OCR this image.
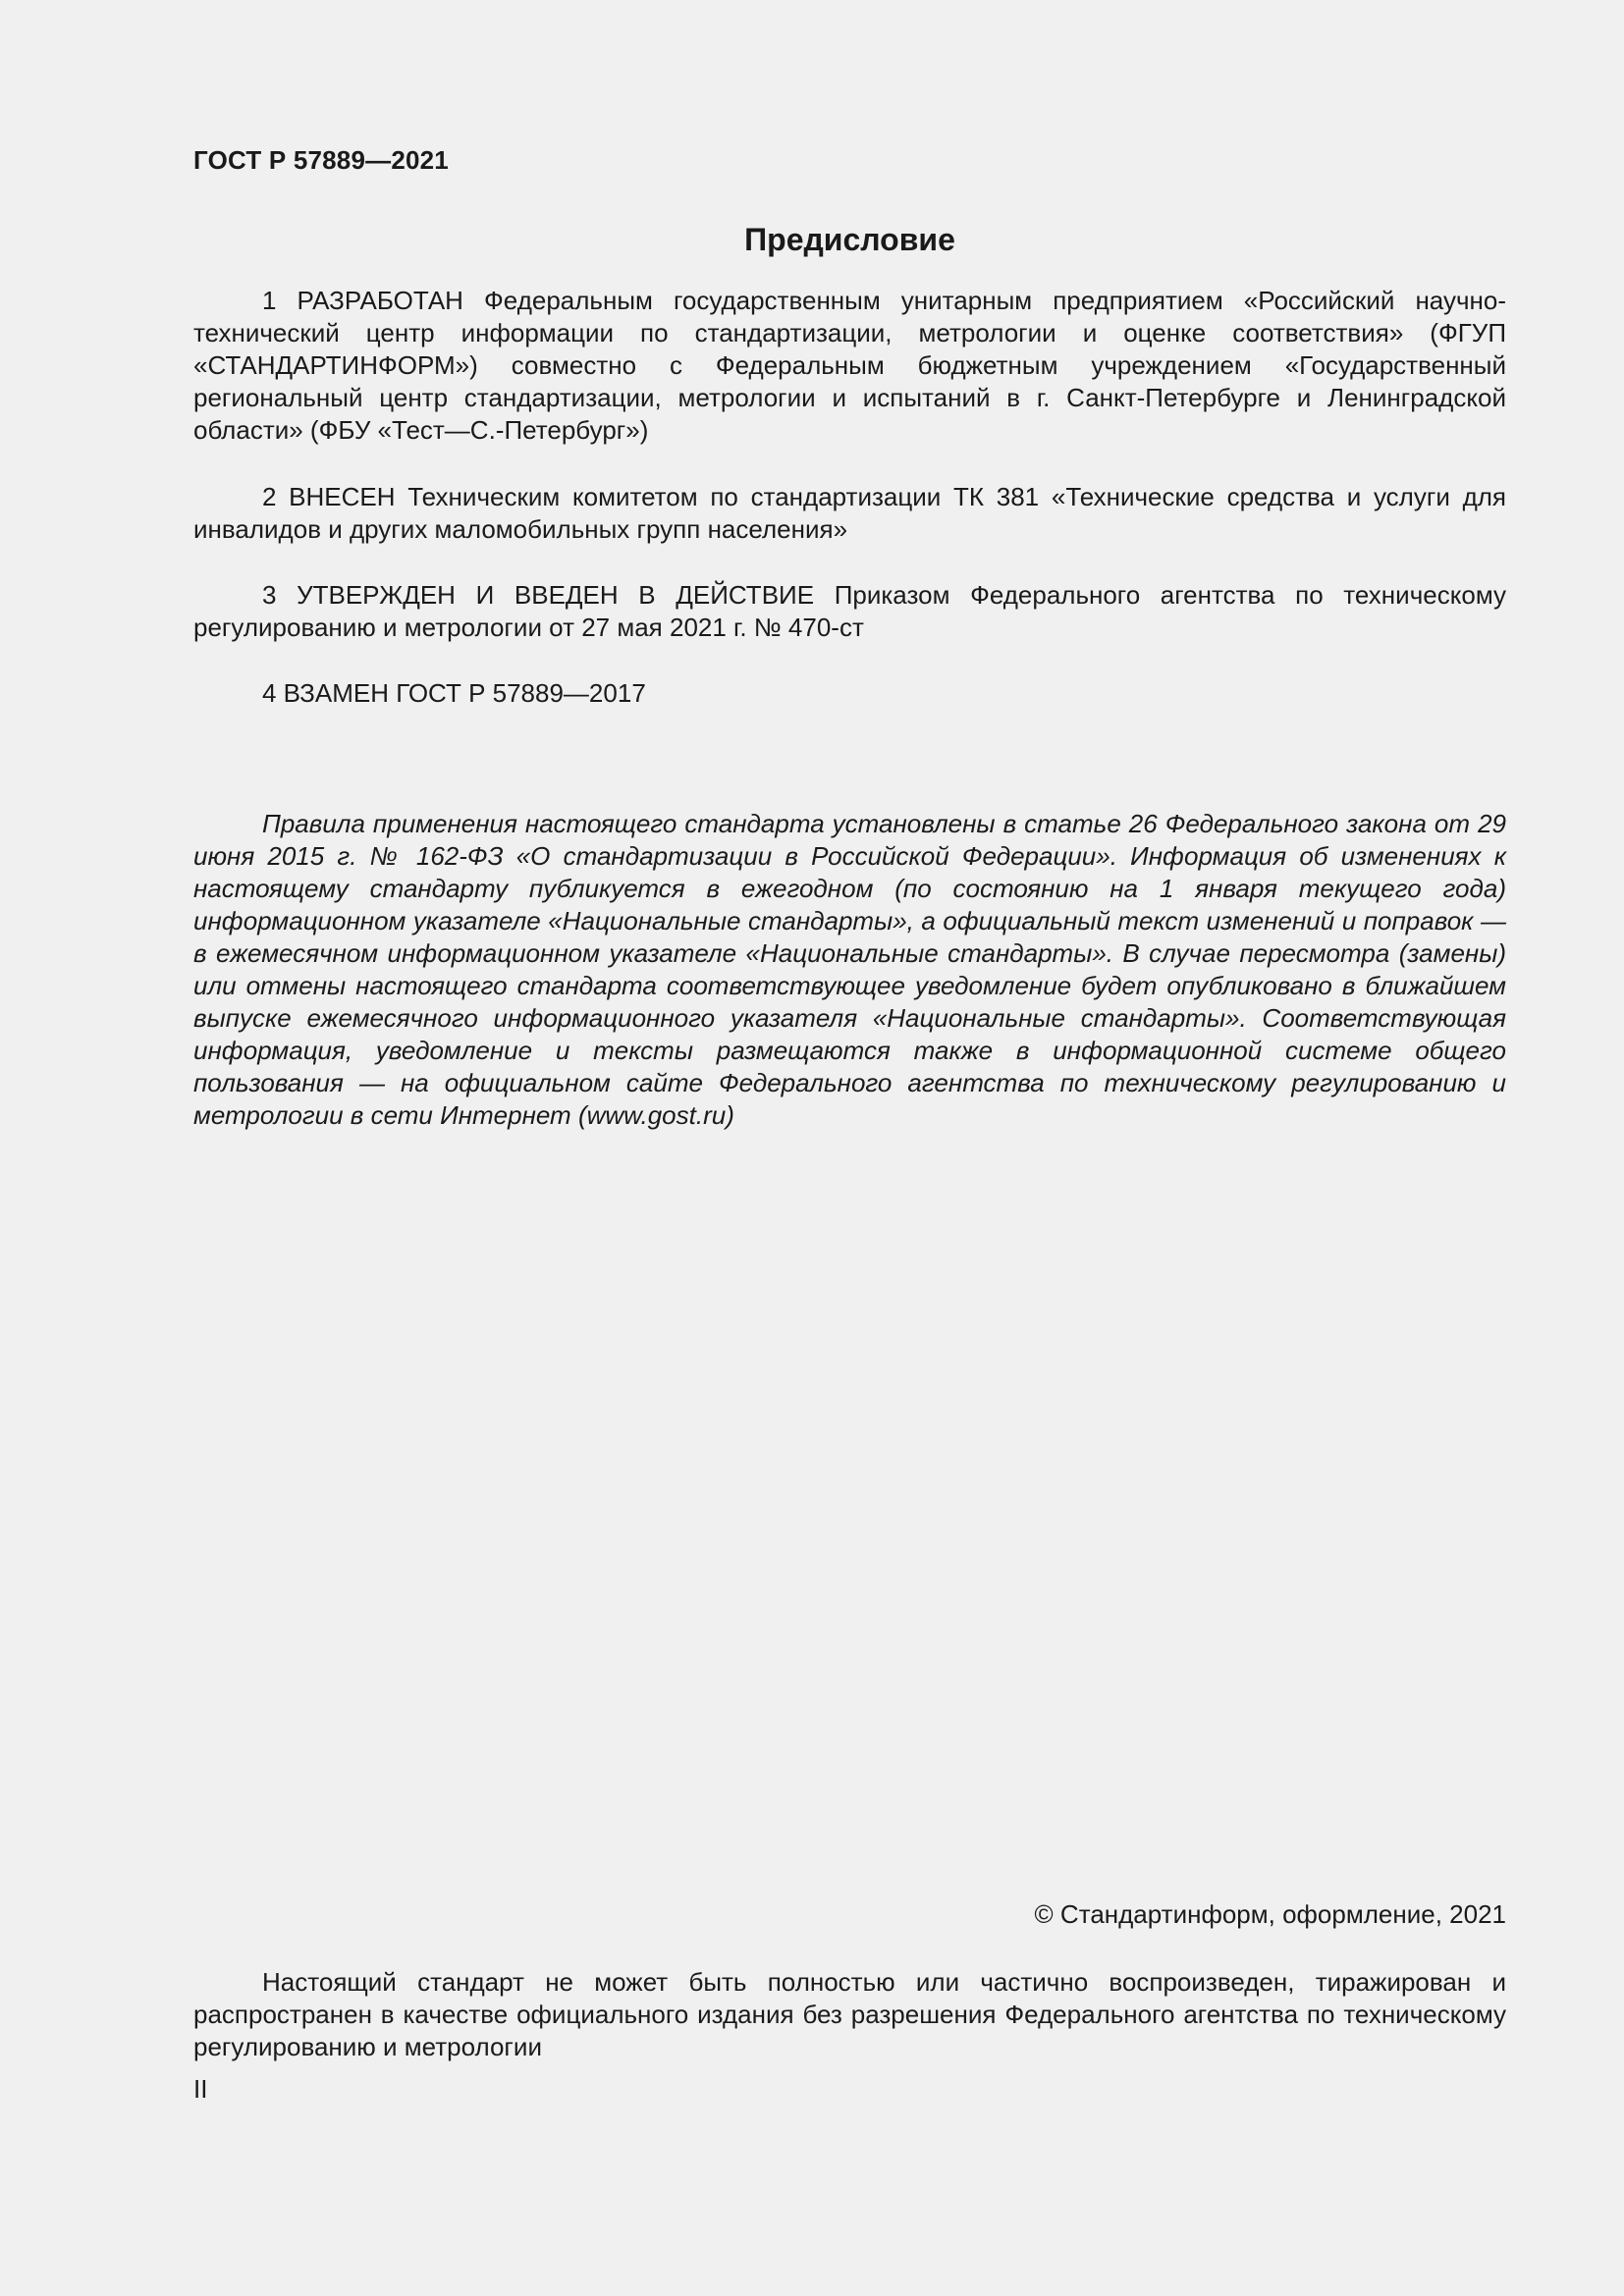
ГОСТ Р 57889—2021
Предисловие

1 РАЗРАБОТАН Федеральным государственным унитарным предприятием «Российский научно-технический центр информации по стандартизации, метрологии и оценке соответствия» (ФГУП «СТАНДАРТИНФОРМ») совместно с Федеральным бюджетным учреждением «Государственный региональный центр стандартизации, метрологии и испытаний в г. Санкт-Петербурге и Ленинградской области» (ФБУ «Тест—С.-Петербург»)

2 ВНЕСЕН Техническим комитетом по стандартизации ТК 381 «Технические средства и услуги для инвалидов и других маломобильных групп населения»

3 УТВЕРЖДЕН И ВВЕДЕН В ДЕЙСТВИЕ Приказом Федерального агентства по техническому регулированию и метрологии от 27 мая 2021 г. № 470-ст

4 ВЗАМЕН ГОСТ Р 57889—2017

Правила применения настоящего стандарта установлены в статье 26 Федерального закона от 29 июня 2015 г. № 162-ФЗ «О стандартизации в Российской Федерации». Информация об изменениях к настоящему стандарту публикуется в ежегодном (по состоянию на 1 января текущего года) информационном указателе «Национальные стандарты», а официальный текст изменений и поправок — в ежемесячном информационном указателе «Национальные стандарты». В случае пересмотра (замены) или отмены настоящего стандарта соответствующее уведомление будет опубликовано в ближайшем выпуске ежемесячного информационного указателя «Национальные стандарты». Соответствующая информация, уведомление и тексты размещаются также в информационной системе общего пользования — на официальном сайте Федерального агентства по техническому регулированию и метрологии в сети Интернет (www.gost.ru)

© Стандартинформ, оформление, 2021

Настоящий стандарт не может быть полностью или частично воспроизведен, тиражирован и распространен в качестве официального издания без разрешения Федерального агентства по техническому регулированию и метрологии

II
